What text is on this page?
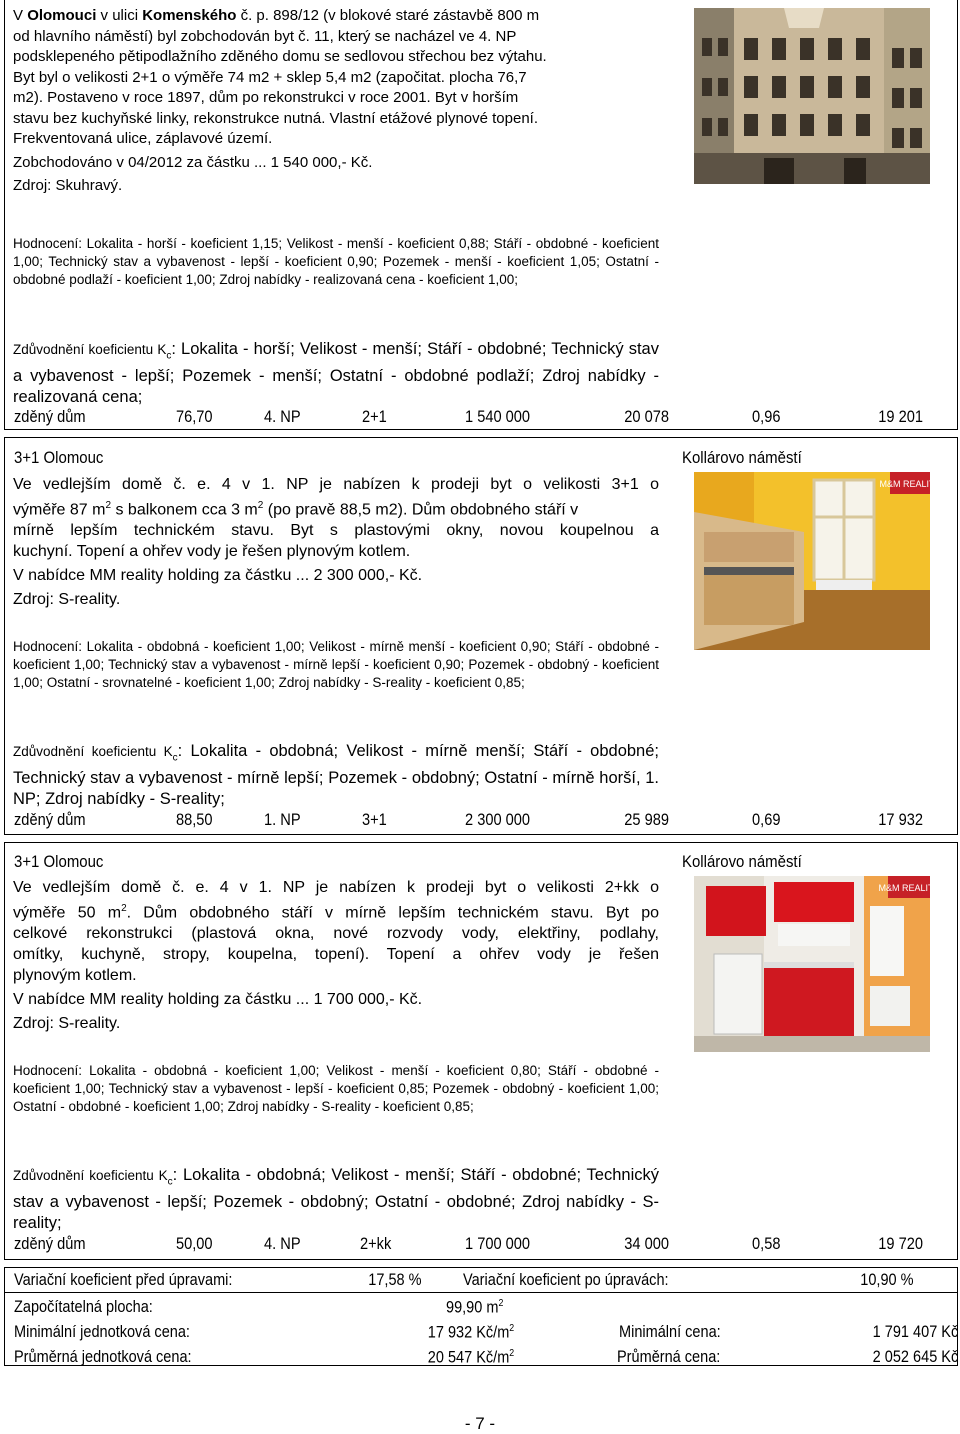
V Olomouci v ulici Komenského č. p. 898/12 (v blokové staré zástavbě 800 m
od hlavního náměstí) byl zobchodován byt č. 11, který se nacházel ve 4. NP
podsklepeného pětipodlažního zděného domu se sedlovou střechou bez výtahu.
Byt byl o velikosti 2+1 o výměře 74 m2 + sklep 5,4 m2 (započitat. plocha 76,7
m2). Postaveno v roce 1897, dům po rekonstrukci v roce 2001. Byt v horším
stavu bez kuchyňské linky, rekonstrukce nutná. Vlastní etážové plynové topení.
Frekventovaná ulice, záplavové území.
Zobchodováno v 04/2012 za částku ... 1 540 000,- Kč.
Zdroj: Skuhravý.
Hodnocení: Lokalita - horší - koeficient 1,15; Velikost - menší - koeficient 0,88; Stáří - obdobné - koeficient 1,00; Technický stav a vybavenost - lepší - koeficient 0,90; Pozemek - menší - koeficient 1,05; Ostatní - obdobné podlaží - koeficient 1,00; Zdroj nabídky - realizovaná cena - koeficient 1,00;
Zdůvodnění koeficientu $K_c$: Lokalita - horší; Velikost - menší; Stáří - obdobné; Technický stav a vybavenost - lepší; Pozemek - menší; Ostatní - obdobné podlaží; Zdroj nabídky - realizovaná cena;
zděný dům	76,70	4. NP	2+1	1 540 000	20 078	0,96	19 201
3+1 Olomouc	Kollárovo náměstí
Ve vedlejším domě č. e. 4 v 1. NP je nabízen k prodeji byt o velikosti 3+1 o
výměře 87 $m^2$ s balkonem cca 3 $m^2$ (po pravě 88,5 m2). Dům obdobného stáří v
mírně lepším technickém stavu. Byt s plastovými okny, novou koupelnou a
kuchyní. Topení a ohřev vody je řešen plynovým kotlem.
V nabídce MM reality holding za částku ... 2 300 000,- Kč.
Zdroj: S-reality.
M&M REALITY
Hodnocení: Lokalita - obdobná - koeficient 1,00; Velikost - mírně menší - koeficient 0,90; Stáří - obdobné - koeficient 1,00; Technický stav a vybavenost - mírně lepší - koeficient 0,90; Pozemek - obdobný - koeficient 1,00; Ostatní - srovnatelné - koeficient 1,00; Zdroj nabídky - S-reality - koeficient 0,85;
Zdůvodnění koeficientu $K_c$: Lokalita - obdobná; Velikost - mírně menší; Stáří - obdobné; Technický stav a vybavenost - mírně lepší; Pozemek - obdobný; Ostatní - mírně horší, 1. NP; Zdroj nabídky - S-reality;
zděný dům	88,50	1. NP	3+1	2 300 000	25 989	0,69	17 932
3+1 Olomouc	Kollárovo náměstí
Ve vedlejším domě č. e. 4 v 1. NP je nabízen k prodeji byt o velikosti 2+kk o
výměře 50 $m^2$. Dům obdobného stáří v mírně lepším technickém stavu. Byt po
celkové rekonstrukci (plastová okna, nové rozvody vody, elektřiny, podlahy,
omítky, kuchyně, stropy, koupelna, topení). Topení a ohřev vody je řešen
plynovým kotlem.
V nabídce MM reality holding za částku ... 1 700 000,- Kč.
Zdroj: S-reality.
M&M REALITY
Hodnocení: Lokalita - obdobná - koeficient 1,00; Velikost - menší - koeficient 0,80; Stáří - obdobné - koeficient 1,00; Technický stav a vybavenost - lepší - koeficient 0,85; Pozemek - obdobný - koeficient 1,00; Ostatní - obdobné - koeficient 1,00; Zdroj nabídky - S-reality - koeficient 0,85;
Zdůvodnění koeficientu $K_c$: Lokalita - obdobná; Velikost - menší; Stáří - obdobné; Technický stav a vybavenost - lepší; Pozemek - obdobný; Ostatní - obdobné; Zdroj nabídky - S-reality;
zděný dům	50,00	4. NP	2+kk	1 700 000	34 000	0,58	19 720
Variační koeficient před úpravami:	17,58 % Variační koeficient po úpravách:	10,90 %
Započítatelná plocha:	99,90 $m^2$
Minimální jednotková cena:	17 932 $Kč/m^2$	Minimální cena:	1 791 407 Kč
Průměrná jednotková cena:	20 547 $Kč/m^2$	Průměrná cena:	2 052 645 Kč
- 7 -
